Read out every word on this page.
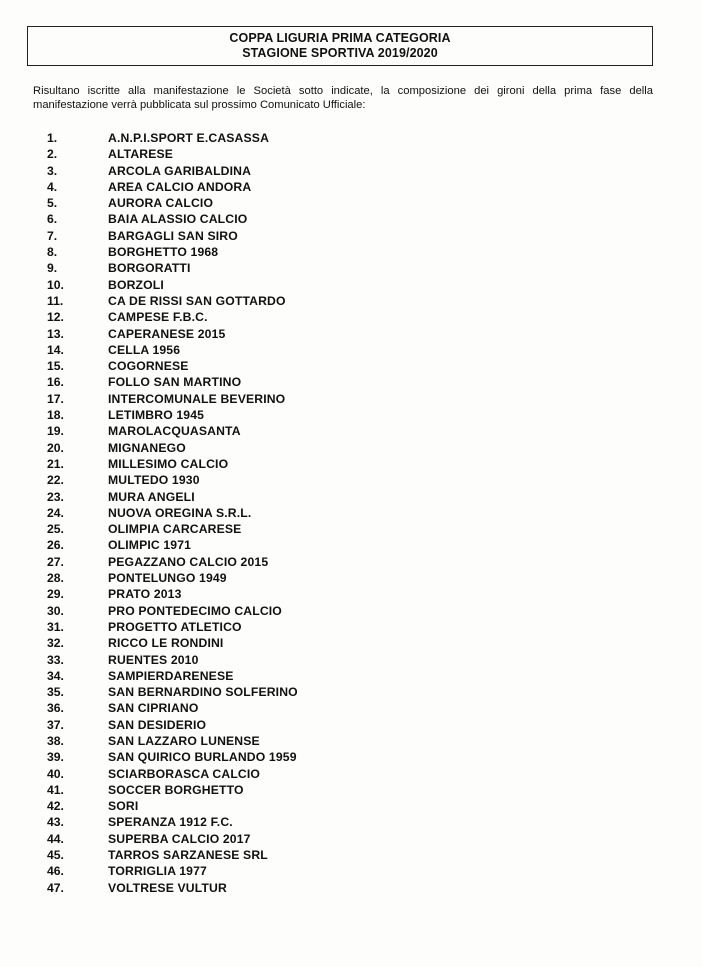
COPPA LIGURIA PRIMA CATEGORIA
STAGIONE SPORTIVA 2019/2020
Risultano iscritte alla manifestazione le Società sotto indicate, la composizione dei gironi della prima fase della manifestazione verrà pubblicata sul prossimo Comunicato Ufficiale:
1.	A.N.P.I.SPORT E.CASASSA
2.	ALTARESE
3.	ARCOLA GARIBALDINA
4.	AREA CALCIO ANDORA
5.	AURORA CALCIO
6.	BAIA ALASSIO CALCIO
7.	BARGAGLI SAN SIRO
8.	BORGHETTO 1968
9.	BORGORATTI
10.	BORZOLI
11.	CA DE RISSI SAN GOTTARDO
12.	CAMPESE F.B.C.
13.	CAPERANESE 2015
14.	CELLA 1956
15.	COGORNESE
16.	FOLLO SAN MARTINO
17.	INTERCOMUNALE BEVERINO
18.	LETIMBRO 1945
19.	MAROLACQUASANTA
20.	MIGNANEGO
21.	MILLESIMO CALCIO
22.	MULTEDO 1930
23.	MURA ANGELI
24.	NUOVA OREGINA S.R.L.
25.	OLIMPIA CARCARESE
26.	OLIMPIC 1971
27.	PEGAZZANO CALCIO 2015
28.	PONTELUNGO 1949
29.	PRATO 2013
30.	PRO PONTEDECIMO CALCIO
31.	PROGETTO ATLETICO
32.	RICCO LE RONDINI
33.	RUENTES 2010
34.	SAMPIERDARENESE
35.	SAN BERNARDINO SOLFERINO
36.	SAN CIPRIANO
37.	SAN DESIDERIO
38.	SAN LAZZARO LUNENSE
39.	SAN QUIRICO BURLANDO 1959
40.	SCIARBORASCA CALCIO
41.	SOCCER BORGHETTO
42.	SORI
43.	SPERANZA 1912 F.C.
44.	SUPERBA CALCIO 2017
45.	TARROS SARZANESE SRL
46.	TORRIGLIA 1977
47.	VOLTRESE VULTUR
